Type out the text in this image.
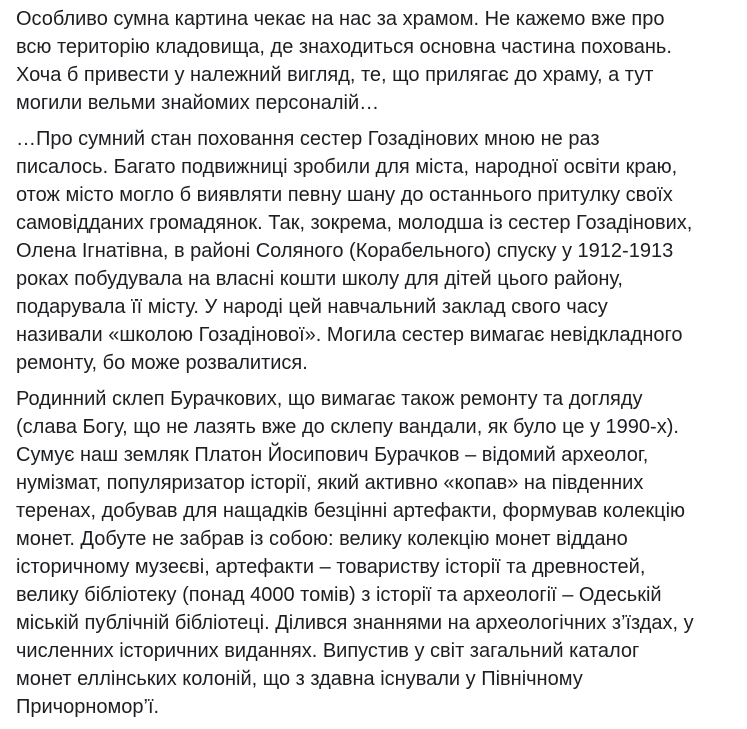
Особливо сумна картина чекає на нас за храмом. Не кажемо вже про
всю територію кладовища, де знаходиться основна частина поховань.
Хоча б привести у належний вигляд, те, що прилягає до храму, а тут
могили вельми знайомих персоналій…
…Про сумний стан поховання сестер Гозадінових мною не раз
писалось. Багато подвижниці зробили для міста, народної освіти краю,
отож місто могло б виявляти певну шану до останнього притулку своїх
самовідданих громадянок. Так, зокрема, молодша із сестер Гозадінових,
Олена Ігнатівна, в районі Соляного (Корабельного) спуску у 1912-1913
роках побудувала на власні кошти школу для дітей цього району,
подарувала її місту. У народі цей навчальний заклад свого часу
називали «школою Гозадінової». Могила сестер вимагає невідкладного
ремонту, бо може розвалитися.
Родинний склеп Бурачкових, що вимагає також ремонту та догляду
(слава Богу, що не лазять вже до склепу вандали, як було це у 1990-х).
Сумує наш земляк Платон Йосипович Бурачков – відомий археолог,
нумізмат, популяризатор історії, який активно «копав» на південних
теренах, добував для нащадків безцінні артефакти, формував колекцію
монет. Добуте не забрав із собою: велику колекцію монет віддано
історичному музеєві, артефакти – товариству історії та древностей,
велику бібліотеку (понад 4000 томів) з історії та археології – Одеській
міській публічній бібліотеці. Ділився знаннями на археологічних з’їздах, у
численних історичних виданнях. Випустив у світ загальний каталог
монет еллінських колоній, що з здавна існували у Північному
Причорномор’ї.
